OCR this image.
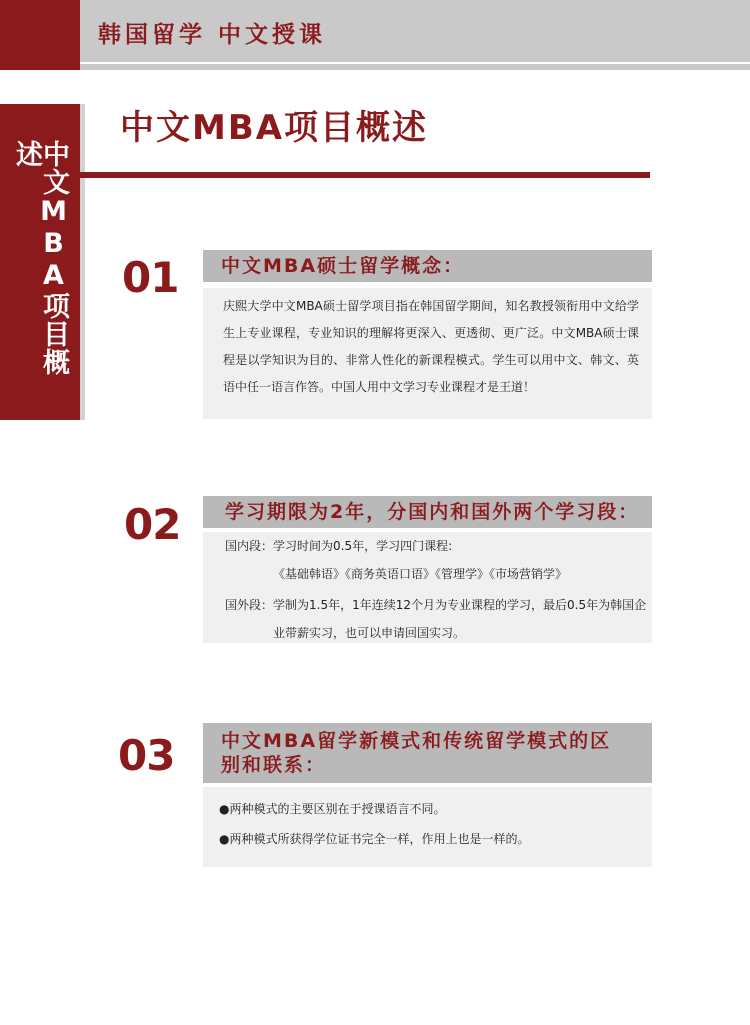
韩国留学 中文授课
中文MBA项目概述
中文MBA项目概述
01	中文MBA硕士留学概念：
庆熙大学中文MBA硕士留学项目指在韩国留学期间，知名教授领衔用中文给学生上专业课程，专业知识的理解将更深入、更透彻、更广泛。中文MBA硕士课程是以学知识为目的、非常人性化的新课程模式。学生可以用中文、韩文、英语中任一语言作答。中国人用中文学习专业课程才是王道！
02	学习期限为2年，分国内和国外两个学习段：
国内段：学习时间为0.5年，学习四门课程:
《基础韩语》《商务英语口语》《管理学》《市场营销学》
国外段：学制为1.5年，1年连续12个月为专业课程的学习，最后0.5年为韩国企
业带薪实习，也可以申请回国实习。
03 中文MBA留学新模式和传统留学模式的区
别和联系：
●两种模式的主要区别在于授课语言不同。
●两种模式所获得学位证书完全一样，作用上也是一样的。
